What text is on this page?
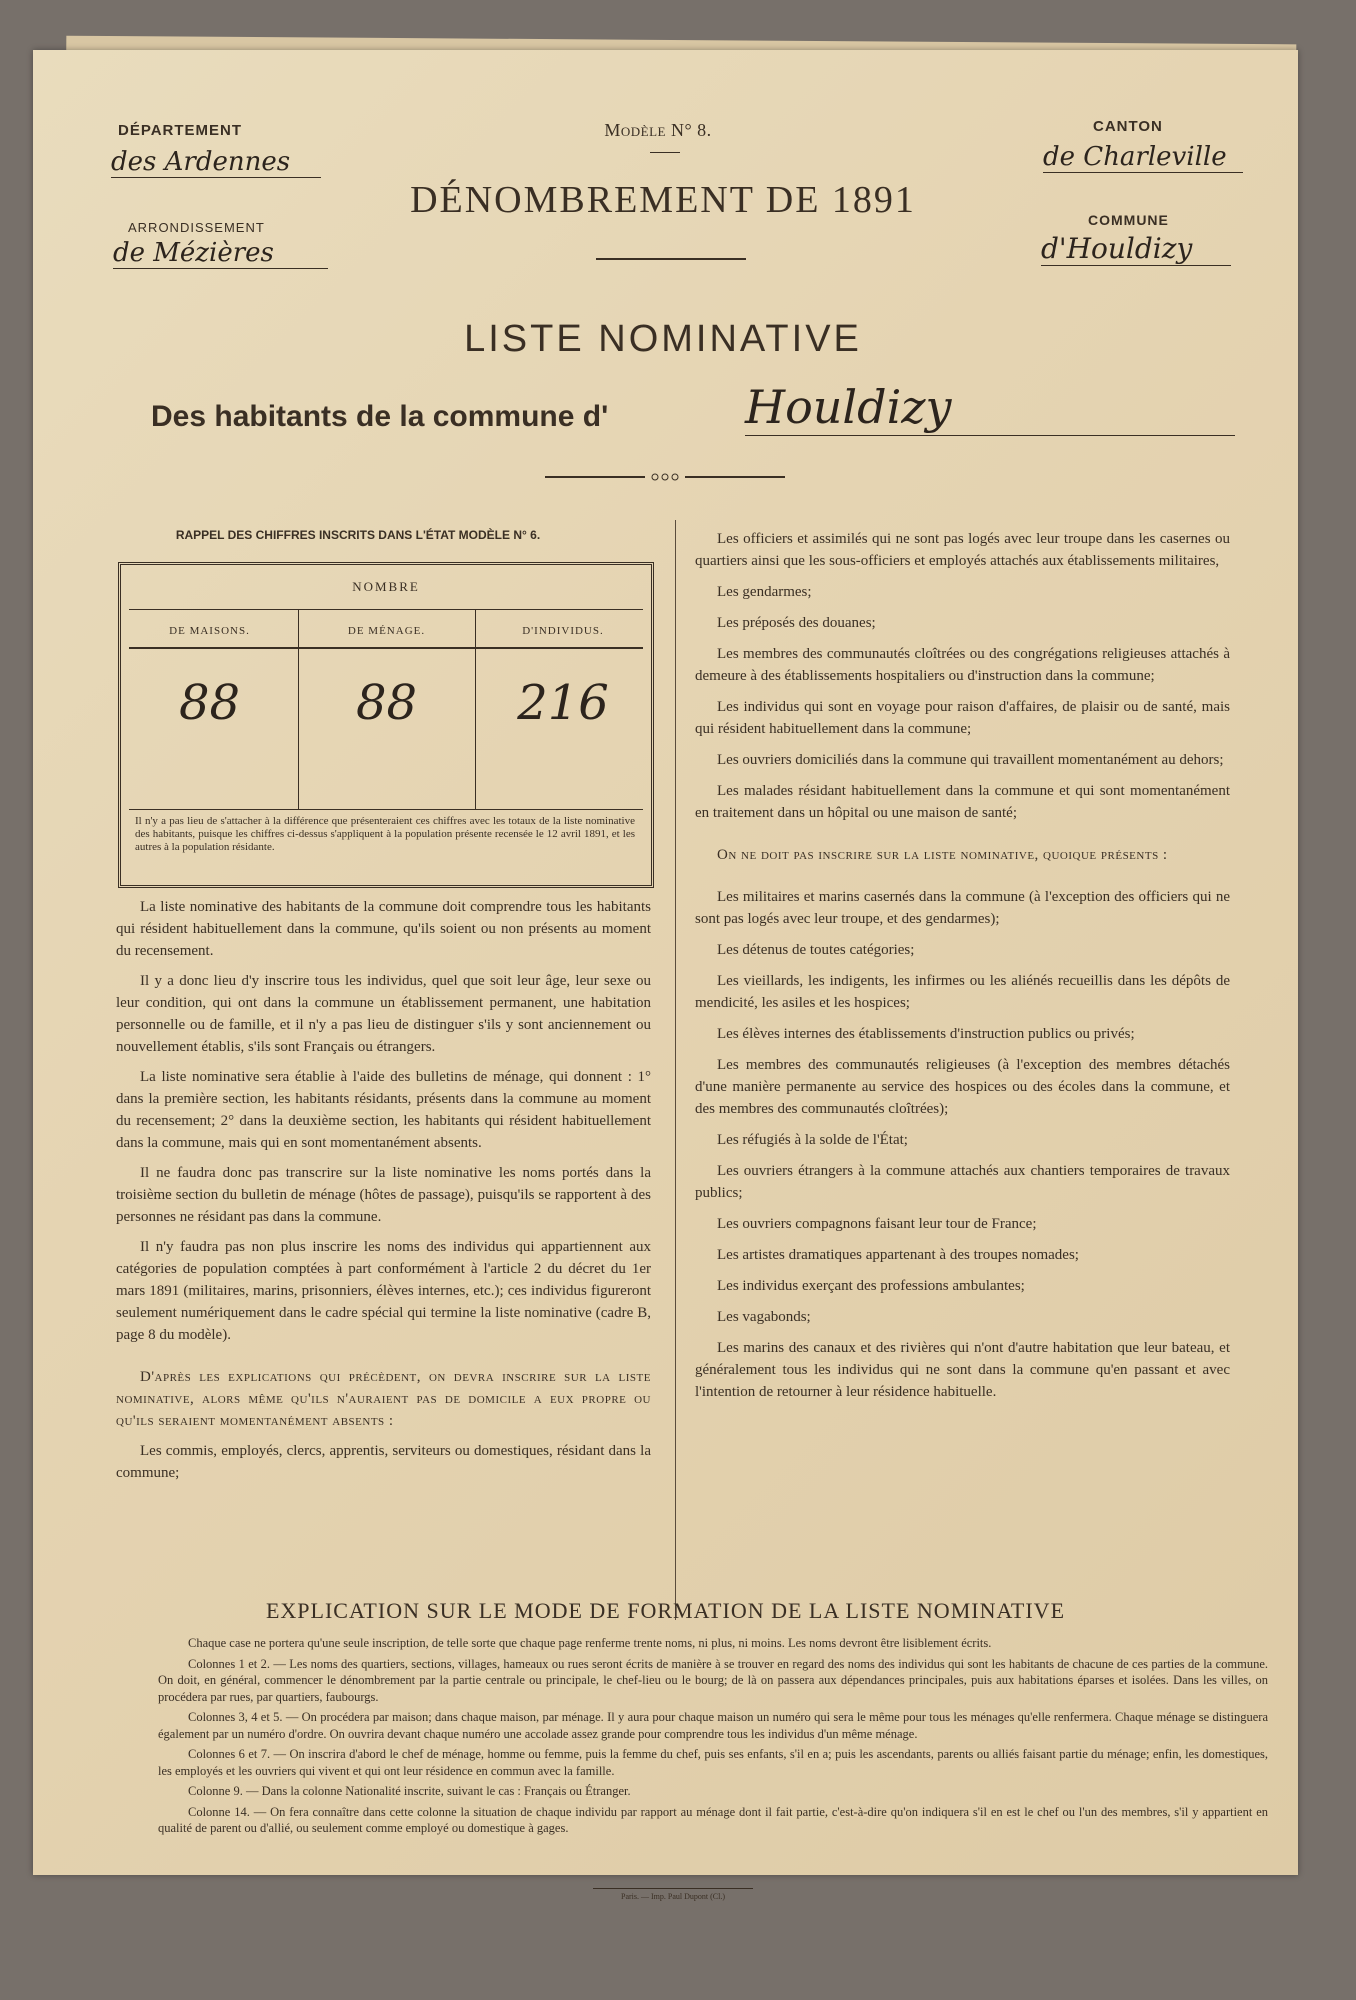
DÉPARTEMENT
des Ardennes
ARRONDISSEMENT
de Mézières
Modèle N° 8.
DÉNOMBREMENT DE 1891
CANTON
de Charleville
COMMUNE
d'Houldizy
LISTE NOMINATIVE
Des habitants de la commune d'	Houldizy
RAPPEL DES CHIFFRES INSCRITS DANS L'ÉTAT MODÈLE N° 6.
NOMBRE
DE MAISONS.	DE MÉNAGE.	D'INDIVIDUS.
88	88	216
Il n'y a pas lieu de s'attacher à la différence que présenteraient ces chiffres avec les totaux de la liste nominative des habitants, puisque les chiffres ci-dessus s'appliquent à la population présente recensée le 12 avril 1891, et les autres à la population résidante.

La liste nominative des habitants de la commune doit comprendre tous les habitants qui résident habituellement dans la commune, qu'ils soient ou non présents au moment du recensement.

Il y a donc lieu d'y inscrire tous les individus, quel que soit leur âge, leur sexe ou leur condition, qui ont dans la commune un établissement permanent, une habitation personnelle ou de famille, et il n'y a pas lieu de distinguer s'ils y sont anciennement ou nouvellement établis, s'ils sont Français ou étrangers.

La liste nominative sera établie à l'aide des bulletins de ménage, qui donnent : 1° dans la première section, les habitants résidants, présents dans la commune au moment du recensement; 2° dans la deuxième section, les habitants qui résident habituellement dans la commune, mais qui en sont momentanément absents.

Il ne faudra donc pas transcrire sur la liste nominative les noms portés dans la troisième section du bulletin de ménage (hôtes de passage), puisqu'ils se rapportent à des personnes ne résidant pas dans la commune.

Il n'y faudra pas non plus inscrire les noms des individus qui appartiennent aux catégories de population comptées à part conformément à l'article 2 du décret du 1er mars 1891 (militaires, marins, prisonniers, élèves internes, etc.); ces individus figureront seulement numériquement dans le cadre spécial qui termine la liste nominative (cadre B, page 8 du modèle).

D'après les explications qui précèdent, on devra inscrire sur la liste nominative, alors même qu'ils n'auraient pas de domicile a eux propre ou qu'ils seraient momentanément absents :

Les commis, employés, clercs, apprentis, serviteurs ou domestiques, résidant dans la commune;

Les officiers et assimilés qui ne sont pas logés avec leur troupe dans les casernes ou quartiers ainsi que les sous-officiers et employés attachés aux établissements militaires,

Les gendarmes;

Les préposés des douanes;

Les membres des communautés cloîtrées ou des congrégations religieuses attachés à demeure à des établissements hospitaliers ou d'instruction dans la commune;

Les individus qui sont en voyage pour raison d'affaires, de plaisir ou de santé, mais qui résident habituellement dans la commune;

Les ouvriers domiciliés dans la commune qui travaillent momentanément au dehors;

Les malades résidant habituellement dans la commune et qui sont momentanément en traitement dans un hôpital ou une maison de santé;

On ne doit pas inscrire sur la liste nominative, quoique présents :

Les militaires et marins casernés dans la commune (à l'exception des officiers qui ne sont pas logés avec leur troupe, et des gendarmes);

Les détenus de toutes catégories;

Les vieillards, les indigents, les infirmes ou les aliénés recueillis dans les dépôts de mendicité, les asiles et les hospices;

Les élèves internes des établissements d'instruction publics ou privés;

Les membres des communautés religieuses (à l'exception des membres détachés d'une manière permanente au service des hospices ou des écoles dans la commune, et des membres des communautés cloîtrées);

Les réfugiés à la solde de l'État;

Les ouvriers étrangers à la commune attachés aux chantiers temporaires de travaux publics;

Les ouvriers compagnons faisant leur tour de France;

Les artistes dramatiques appartenant à des troupes nomades;

Les individus exerçant des professions ambulantes;

Les vagabonds;

Les marins des canaux et des rivières qui n'ont d'autre habitation que leur bateau, et généralement tous les individus qui ne sont dans la commune qu'en passant et avec l'intention de retourner à leur résidence habituelle.

EXPLICATION SUR LE MODE DE FORMATION DE LA LISTE NOMINATIVE
Chaque case ne portera qu'une seule inscription, de telle sorte que chaque page renferme trente noms, ni plus, ni moins. Les noms devront être lisiblement écrits.
Colonnes 1 et 2. — Les noms des quartiers, sections, villages, hameaux ou rues seront écrits de manière à se trouver en regard des noms des individus qui sont les habitants de chacune de ces parties de la commune. On doit, en général, commencer le dénombrement par la partie centrale ou principale, le chef-lieu ou le bourg; de là on passera aux dépendances principales, puis aux habitations éparses et isolées. Dans les villes, on procédera par rues, par quartiers, faubourgs.
Colonnes 3, 4 et 5. — On procédera par maison; dans chaque maison, par ménage. Il y aura pour chaque maison un numéro qui sera le même pour tous les ménages qu'elle renfermera. Chaque ménage se distinguera également par un numéro d'ordre. On ouvrira devant chaque numéro une accolade assez grande pour comprendre tous les individus d'un même ménage.
Colonnes 6 et 7. — On inscrira d'abord le chef de ménage, homme ou femme, puis la femme du chef, puis ses enfants, s'il en a; puis les ascendants, parents ou alliés faisant partie du ménage; enfin, les domestiques, les employés et les ouvriers qui vivent et qui ont leur résidence en commun avec la famille.
Colonne 9. — Dans la colonne Nationalité inscrite, suivant le cas : Français ou Étranger.
Colonne 14. — On fera connaître dans cette colonne la situation de chaque individu par rapport au ménage dont il fait partie, c'est-à-dire qu'on indiquera s'il en est le chef ou l'un des membres, s'il y appartient en qualité de parent ou d'allié, ou seulement comme employé ou domestique à gages.
Paris. — Imp. Paul Dupont (Cl.)
